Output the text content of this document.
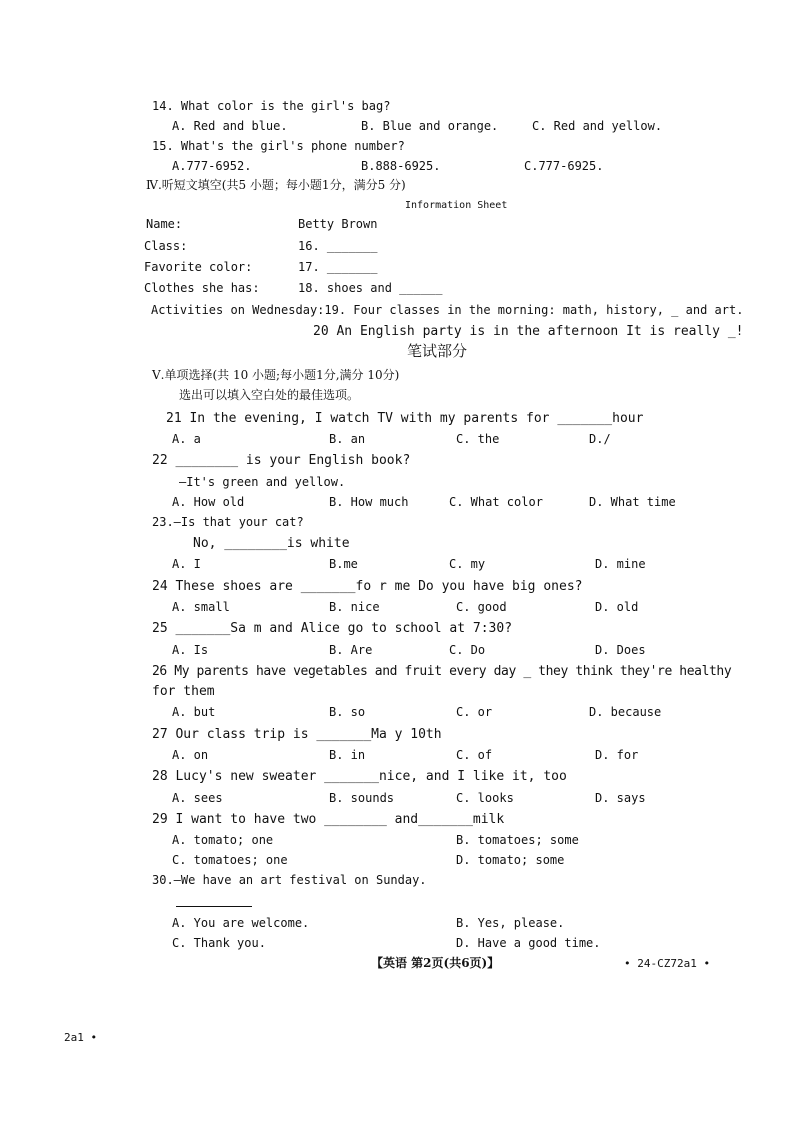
14. What color is the girl's bag?
A. Red and blue.	B. Blue and orange.	C. Red and yellow.
15. What's the girl's phone number?
A.777-6952.	B.888-6925.	C.777-6925.
Ⅳ.听短文填空(共5 小题；每小题1分，满分5 分)
Information Sheet
Name:	Betty Brown
Class:	16. _______
Favorite color:	17. _______
Clothes she has:	18. shoes and ______
Activities on Wednesday:19. Four classes in the morning: math, history, _ and art.
20 An English party is in the afternoon It is really _!
笔试部分
Ⅴ.单项选择(共 10 小题;每小题1分,满分 10分)
选出可以填入空白处的最佳选项。
21 In the evening, I watch TV with my parents for _______hour
A. a	B. an	C. the	D./
22 ________ is your English book?
—It's green and yellow.
A. How old	B. How much	C. What color	D. What time
23.—Is that your cat?
No, ________is white
A. I	B.me	C. my	D. mine
24 These shoes are _______fo r me Do you have big ones?
A. small	B. nice	C. good	D. old
25 _______Sa m and Alice go to school at 7:30?
A. Is	B. Are	C. Do	D. Does
26 My parents have vegetables and fruit every day _ they think they're healthy
for them
A. but	B. so	C. or	D. because
27 Our class trip is _______Ma y 10th
A. on	B. in	C. of	D. for
28 Lucy's new sweater _______nice, and I like it, too
A. sees	B. sounds	C. looks	D. says
29 I want to have two ________ and_______milk
A. tomato; one	B. tomatoes; some
C. tomatoes; one	D. tomato; some
30.—We have an art festival on Sunday.
A. You are welcome.	B. Yes, please.
C. Thank you.	D. Have a good time.
【英语 第2页(共6页)】	• 24-CZ72a1 •
2a1 •
